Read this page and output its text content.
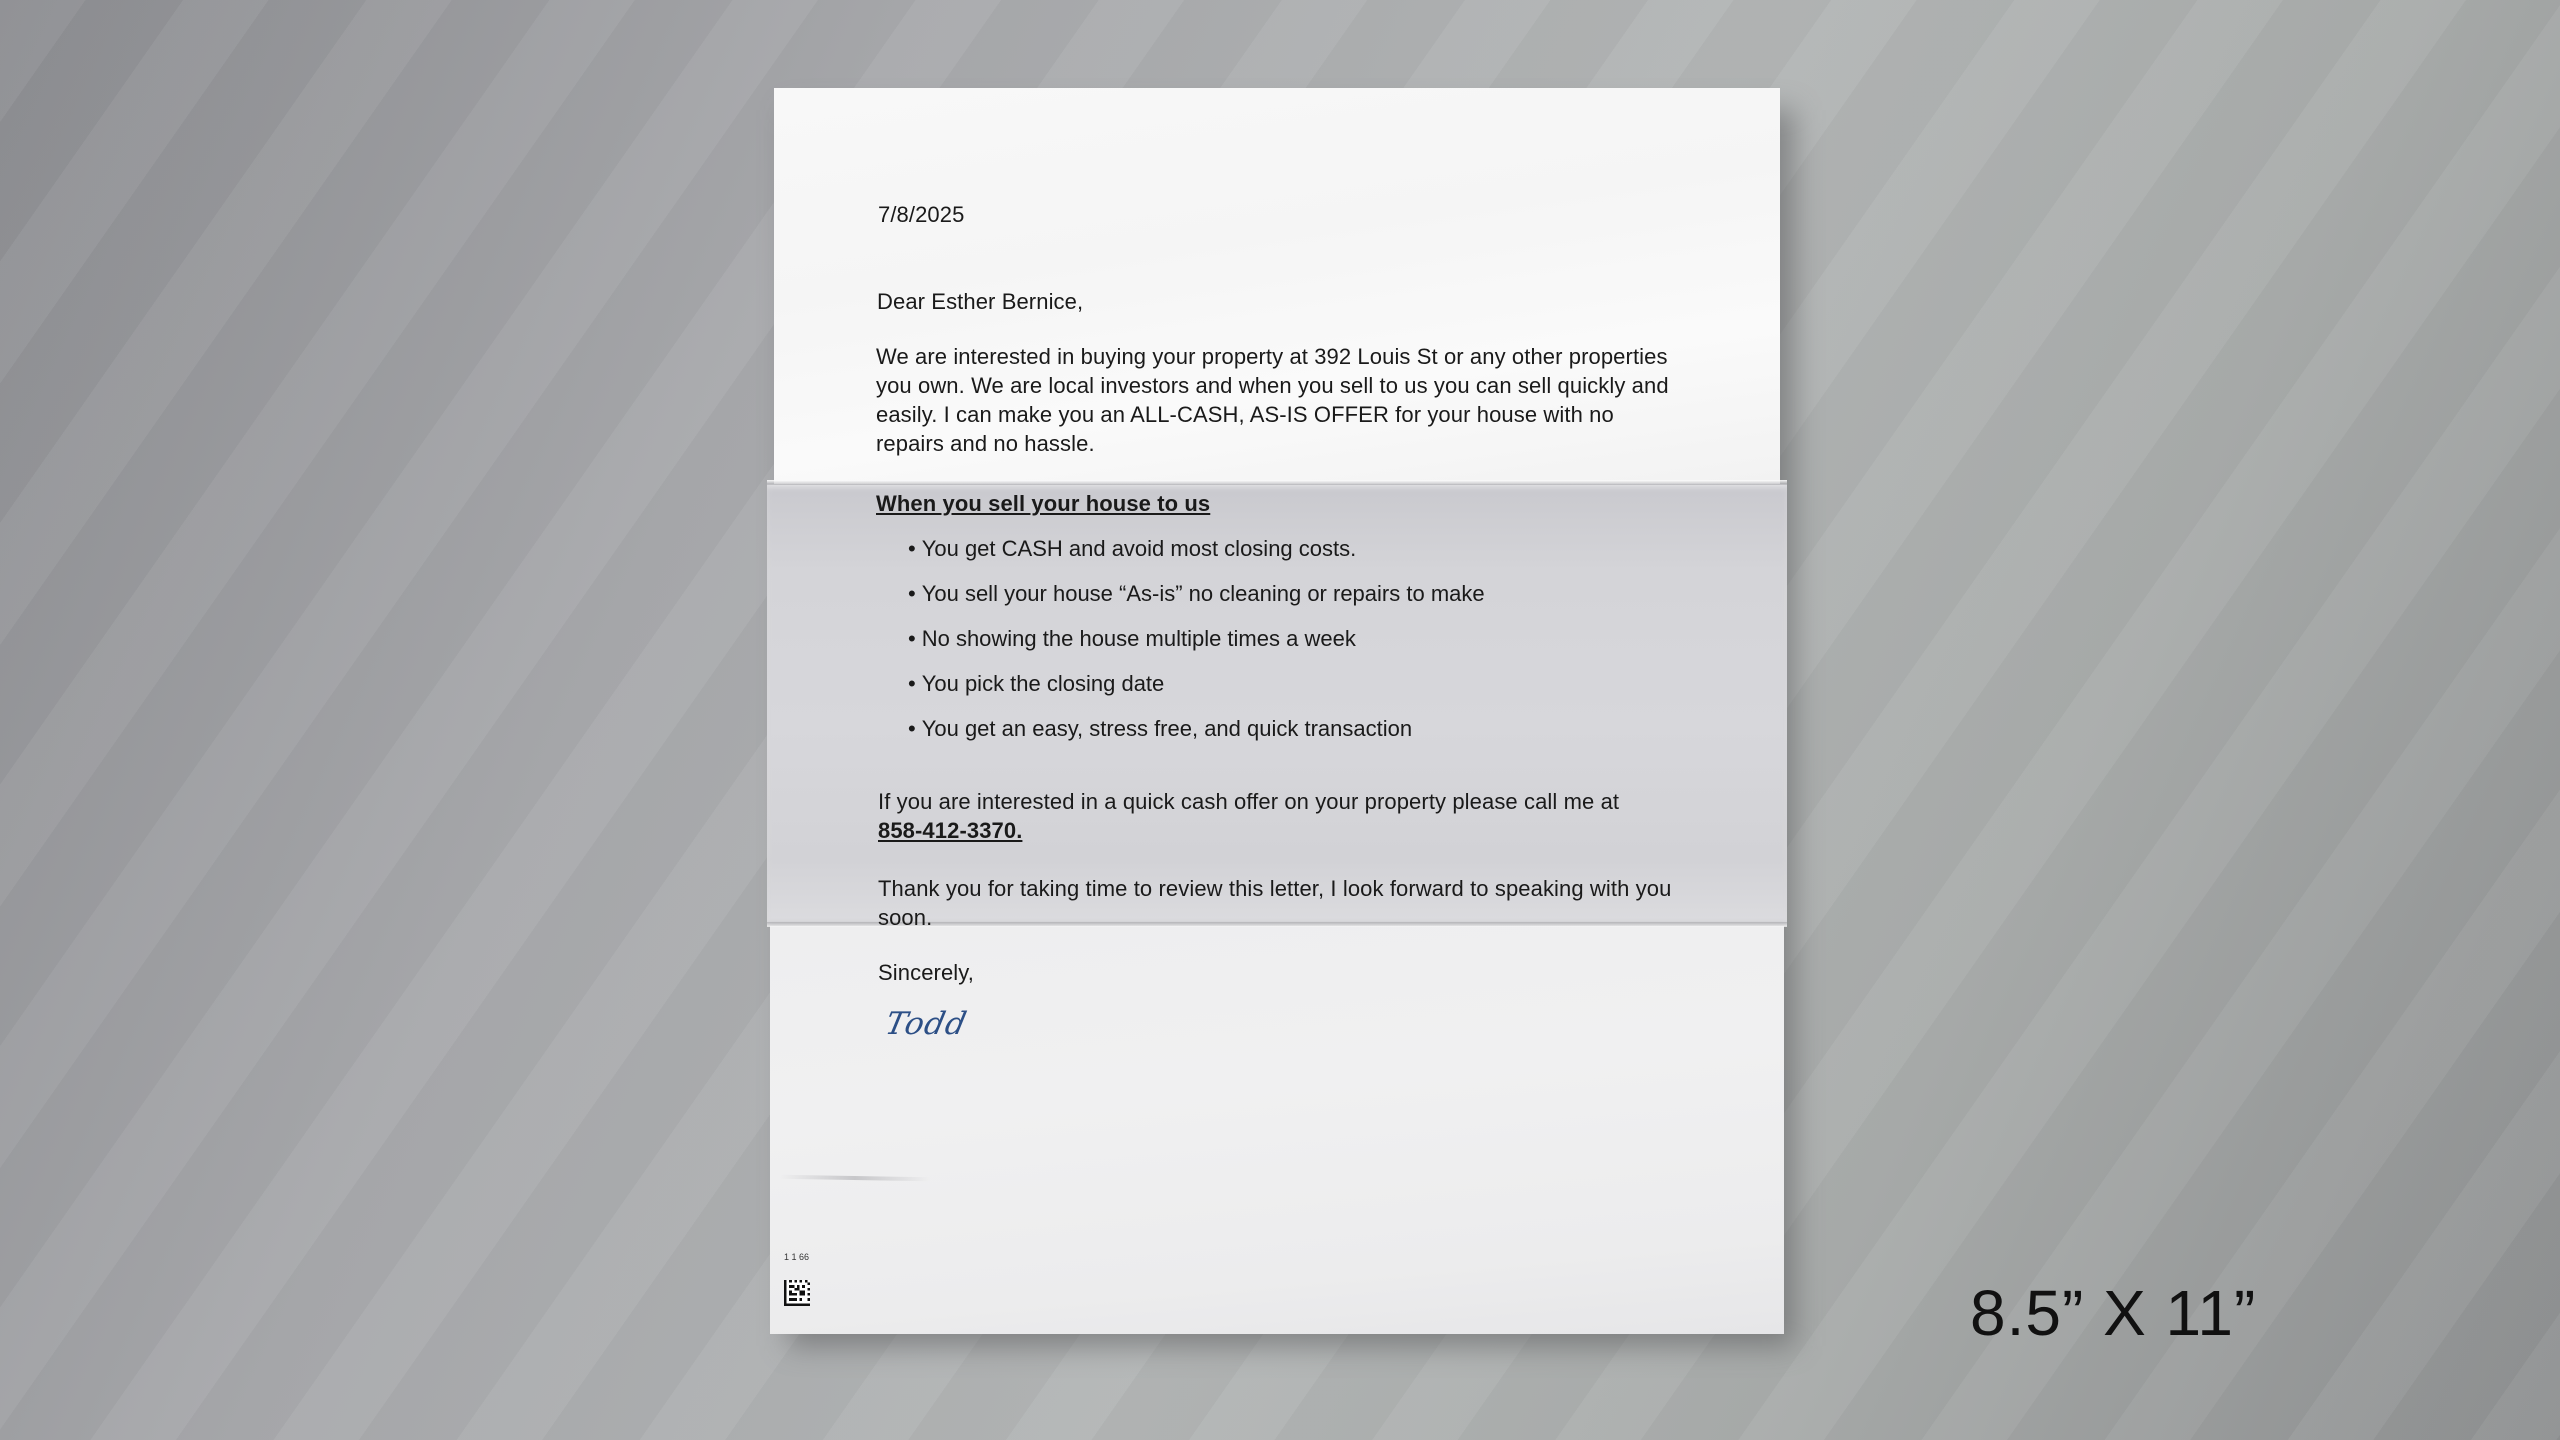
7/8/2025
Dear Esther Bernice,
We are interested in buying your property at 392 Louis St or any other properties you own. We are local investors and when you sell to us you can sell quickly and easily. I can make you an ALL-CASH, AS-IS OFFER for your house with no repairs and no hassle.
When you sell your house to us
• You get CASH and avoid most closing costs.
• You sell your house “As-is” no cleaning or repairs to make
• No showing the house multiple times a week
• You pick the closing date
• You get an easy, stress free, and quick transaction
If you are interested in a quick cash offer on your property please call me at 858-412-3370.
Thank you for taking time to review this letter, I look forward to speaking with you soon.
Sincerely,
Todd
1 1 66
8.5” X 11”
